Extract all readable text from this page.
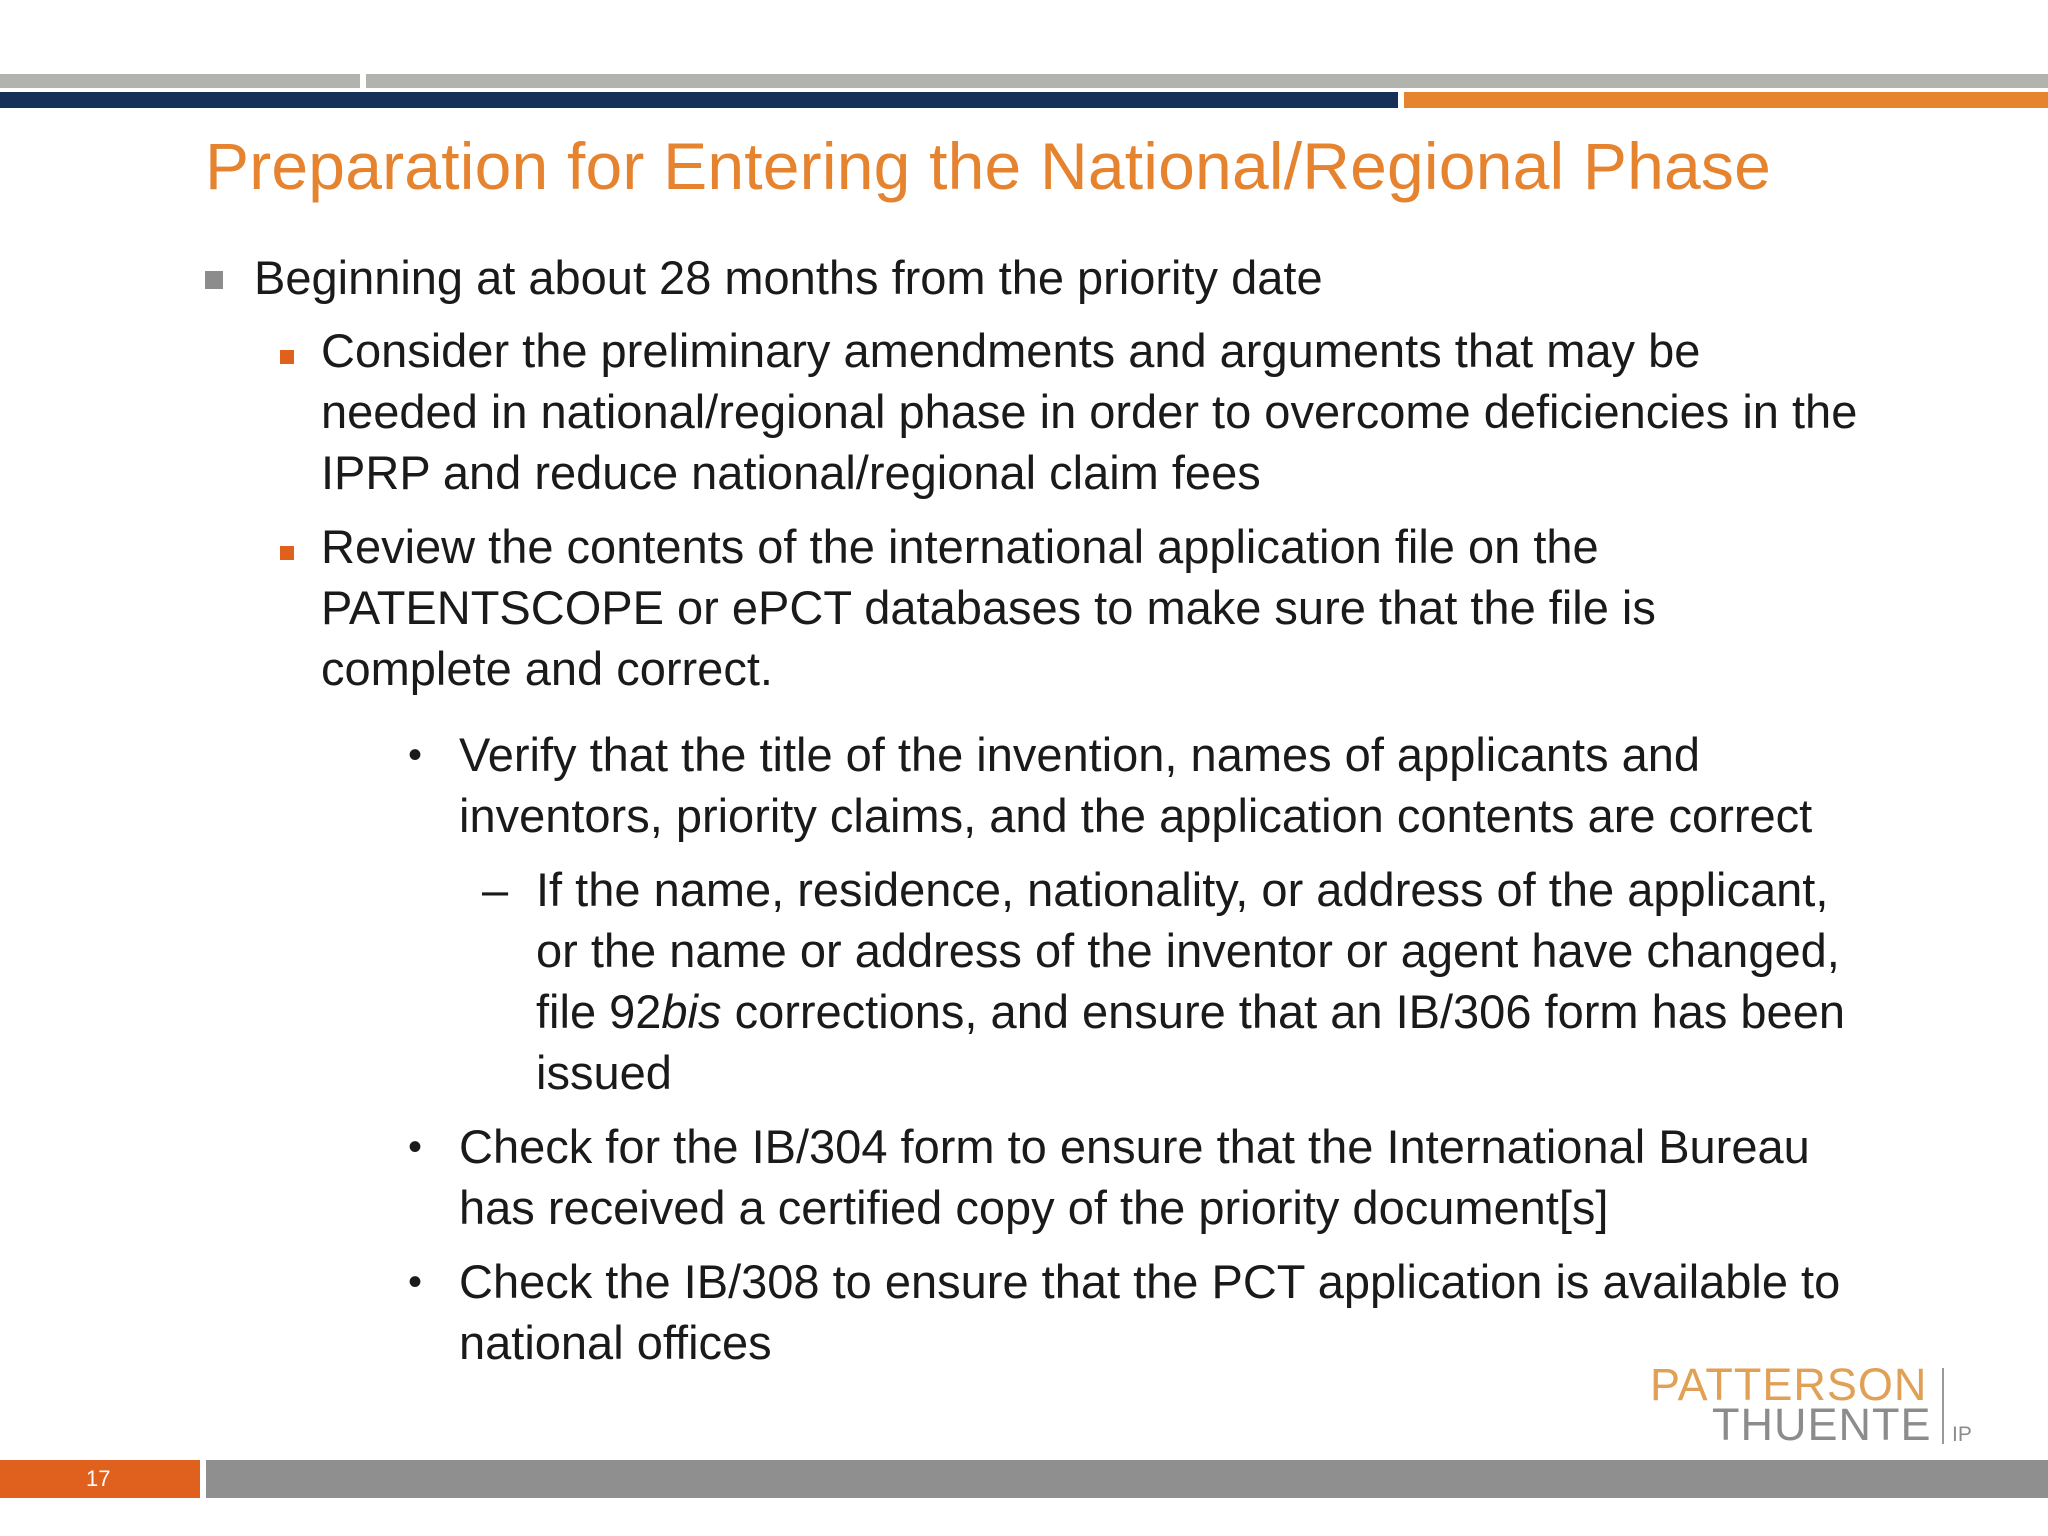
Preparation for Entering the National/Regional Phase
Beginning at about 28 months from the priority date
Consider the preliminary amendments and arguments that may be
needed in national/regional phase in order to overcome deficiencies in the
IPRP and reduce national/regional claim fees
Review the contents of the international application file on the
PATENTSCOPE or ePCT databases to make sure that the file is
complete and correct.
• Verify that the title of the invention, names of applicants and
inventors, priority claims, and the application contents are correct
– If the name, residence, nationality, or address of the applicant,
or the name or address of the inventor or agent have changed,
file 92bis corrections, and ensure that an IB/306 form has been
issued
• Check for the IB/304 form to ensure that the International Bureau
has received a certified copy of the priority document[s]
• Check the IB/308 to ensure that the PCT application is available to
national offices
PATTERSON
THUENTE IP
17
